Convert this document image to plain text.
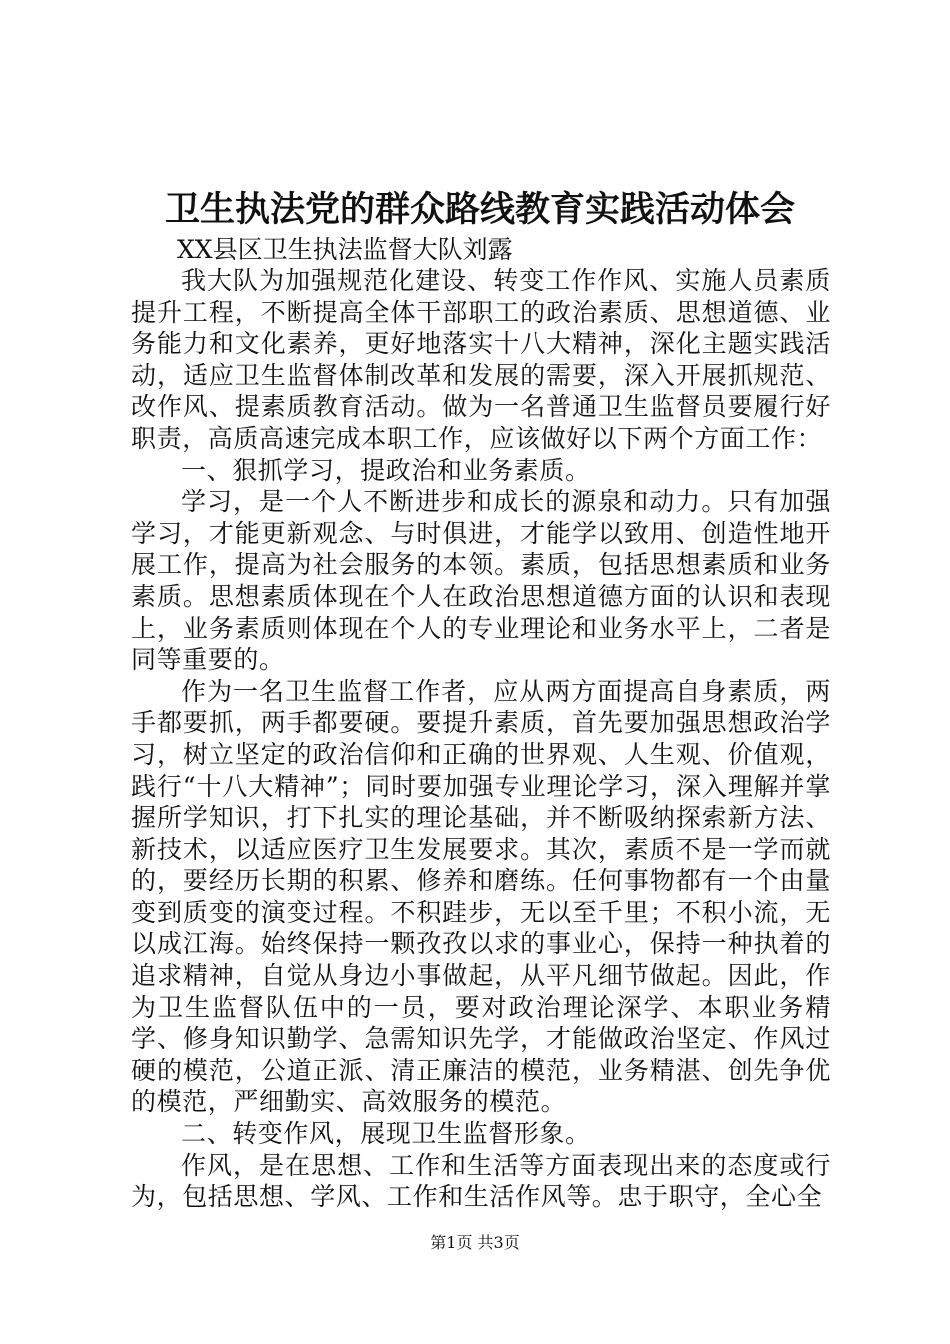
卫生执法党的群众路线教育实践活动体会

XX县区卫生执法监督大队刘露

我大队为加强规范化建设、转变工作作风、实施人员素质提升工程，不断提高全体干部职工的政治素质、思想道德、业务能力和文化素养，更好地落实十八大精神，深化主题实践活动，适应卫生监督体制改革和发展的需要，深入开展抓规范、改作风、提素质教育活动。做为一名普通卫生监督员要履行好职责，高质高速完成本职工作，应该做好以下两个方面工作：

一、狠抓学习，提政治和业务素质。

学习，是一个人不断进步和成长的源泉和动力。只有加强学习，才能更新观念、与时俱进，才能学以致用、创造性地开展工作，提高为社会服务的本领。素质，包括思想素质和业务素质。思想素质体现在个人在政治思想道德方面的认识和表现上，业务素质则体现在个人的专业理论和业务水平上，二者是同等重要的。

作为一名卫生监督工作者，应从两方面提高自身素质，两手都要抓，两手都要硬。要提升素质，首先要加强思想政治学习，树立坚定的政治信仰和正确的世界观、人生观、价值观，践行“十八大精神”；同时要加强专业理论学习，深入理解并掌握所学知识，打下扎实的理论基础，并不断吸纳探索新方法、新技术，以适应医疗卫生发展要求。其次，素质不是一学而就的，要经历长期的积累、修养和磨练。任何事物都有一个由量变到质变的演变过程。不积跬步，无以至千里；不积小流，无以成江海。始终保持一颗孜孜以求的事业心，保持一种执着的追求精神，自觉从身边小事做起，从平凡细节做起。因此，作为卫生监督队伍中的一员，要对政治理论深学、本职业务精学、修身知识勤学、急需知识先学，才能做政治坚定、作风过硬的模范，公道正派、清正廉洁的模范，业务精湛、创先争优的模范，严细勤实、高效服务的模范。

二、转变作风，展现卫生监督形象。

作风，是在思想、工作和生活等方面表现出来的态度或行为，包括思想、学风、工作和生活作风等。忠于职守，全心全

第1页 共3页
